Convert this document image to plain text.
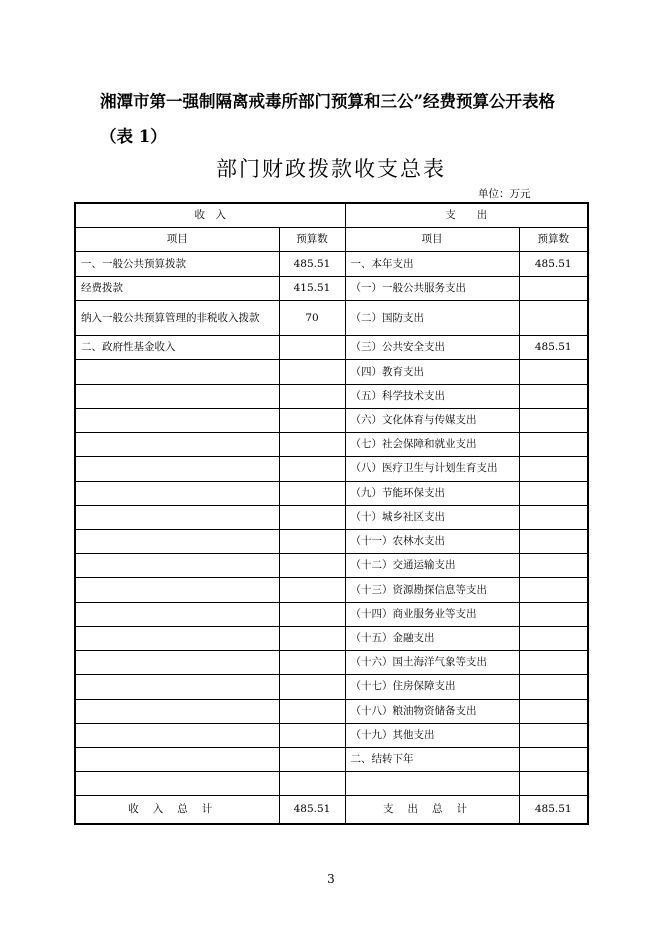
湘潭市第一强制隔离戒毒所部门预算和三公”经费预算公开表格
（表 1）
部门财政拨款收支总表
单位：万元
收　入		支　　出	
项目	预算数	项目	预算数
一、一般公共预算拨款	485.51	一、本年支出	485.51
经费拨款	415.51	（一）一般公共服务支出	
纳入一般公共预算管理的非税收入拨款	70	（二）国防支出	
二、政府性基金收入		（三）公共安全支出	485.51
		（四）教育支出	
		（五）科学技术支出	
		（六）文化体育与传媒支出	
		（七）社会保障和就业支出	
		（八）医疗卫生与计划生育支出	
		（九）节能环保支出	
		（十）城乡社区支出	
		（十一）农林水支出	
		（十二）交通运输支出	
		（十三）资源勘探信息等支出	
		（十四）商业服务业等支出	
		（十五）金融支出	
		（十六）国土海洋气象等支出	
		（十七）住房保障支出	
		（十八）粮油物资储备支出	
		（十九）其他支出	
		二、结转下年	

收入总计	485.51	支出总计	485.51
3
